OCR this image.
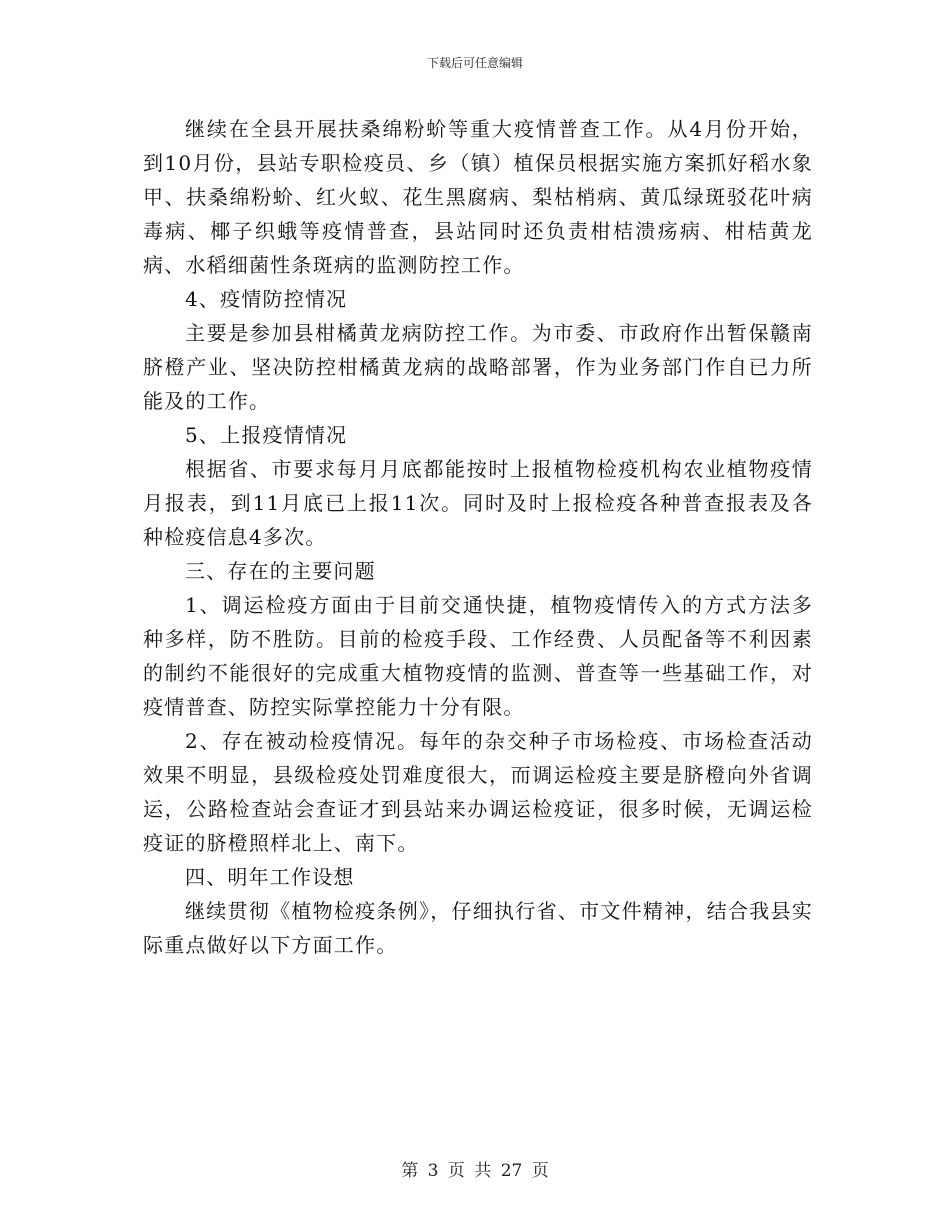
下载后可任意编辑

继续在全县开展扶桑绵粉蚧等重大疫情普查工作。从4月份开始，到10月份，县站专职检疫员、乡（镇）植保员根据实施方案抓好稻水象甲、扶桑绵粉蚧、红火蚁、花生黑腐病、梨枯梢病、黄瓜绿斑驳花叶病毒病、椰子织蛾等疫情普查，县站同时还负责柑桔溃疡病、柑桔黄龙病、水稻细菌性条斑病的监测防控工作。

4、疫情防控情况

主要是参加县柑橘黄龙病防控工作。为市委、市政府作出暂保赣南脐橙产业、坚决防控柑橘黄龙病的战略部署，作为业务部门作自已力所能及的工作。

5、上报疫情情况

根据省、市要求每月月底都能按时上报植物检疫机构农业植物疫情月报表，到11月底已上报11次。同时及时上报检疫各种普查报表及各种检疫信息4多次。

三、存在的主要问题

1、调运检疫方面由于目前交通快捷，植物疫情传入的方式方法多种多样，防不胜防。目前的检疫手段、工作经费、人员配备等不利因素的制约不能很好的完成重大植物疫情的监测、普查等一些基础工作，对疫情普查、防控实际掌控能力十分有限。

2、存在被动检疫情况。每年的杂交种子市场检疫、市场检查活动效果不明显，县级检疫处罚难度很大，而调运检疫主要是脐橙向外省调运，公路检查站会查证才到县站来办调运检疫证，很多时候，无调运检疫证的脐橙照样北上、南下。

四、明年工作设想

继续贯彻《植物检疫条例》，仔细执行省、市文件精神，结合我县实际重点做好以下方面工作。

第 3 页 共 27 页
